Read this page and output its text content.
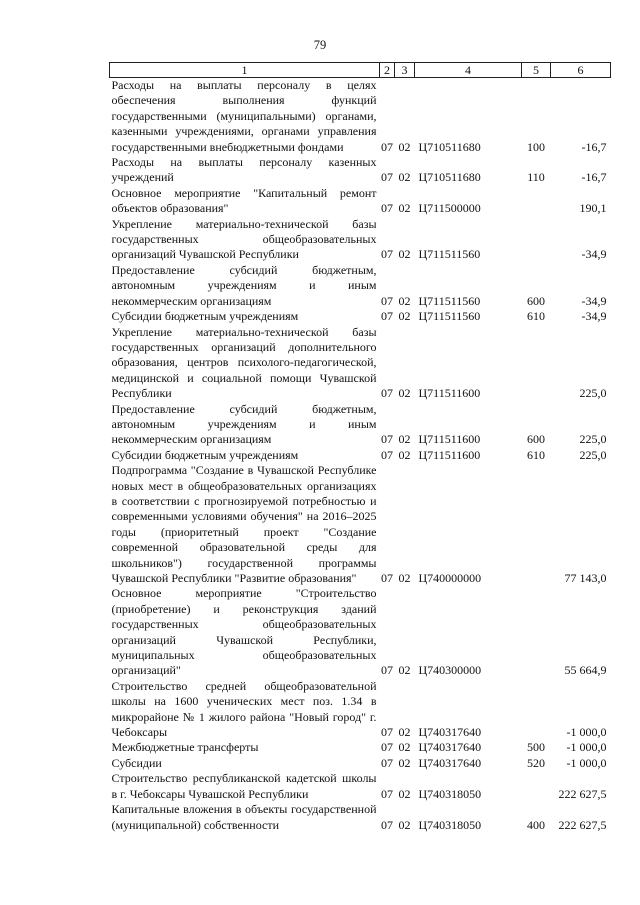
79
1	2	3	4	5	6
Расходы на выплаты персоналу в целях обеспечения выполнения функций государственными (муниципальными) органами, казенными учреждениями, органами управления государственными внебюджетными фондами	07	02	Ц710511680	100	-16,7
Расходы на выплаты персоналу казенных учреждений	07	02	Ц710511680	110	-16,7
Основное мероприятие "Капитальный ремонт объектов образования"	07	02	Ц711500000		190,1
Укрепление материально-технической базы государственных общеобразовательных организаций Чувашской Республики	07	02	Ц711511560		-34,9
Предоставление субсидий бюджетным, автономным учреждениям и иным некоммерческим организациям	07	02	Ц711511560	600	-34,9
Субсидии бюджетным учреждениям	07	02	Ц711511560	610	-34,9
Укрепление материально-технической базы государственных организаций дополнительного образования, центров психолого-педагогической, медицинской и социальной помощи Чувашской Республики	07	02	Ц711511600		225,0
Предоставление субсидий бюджетным, автономным учреждениям и иным некоммерческим организациям	07	02	Ц711511600	600	225,0
Субсидии бюджетным учреждениям	07	02	Ц711511600	610	225,0
Подпрограмма "Создание в Чувашской Республике новых мест в общеобразовательных организациях в соответствии с прогнозируемой потребностью и современными условиями обучения" на 2016–2025 годы (приоритетный проект "Создание современной образовательной среды для школьников") государственной программы Чувашской Республики "Развитие образования"	07	02	Ц740000000		77 143,0
Основное мероприятие "Строительство (приобретение) и реконструкция зданий государственных общеобразовательных организаций Чувашской Республики, муниципальных общеобразовательных организаций"	07	02	Ц740300000		55 664,9
Строительство средней общеобразовательной школы на 1600 ученических мест поз. 1.34 в микрорайоне № 1 жилого района "Новый город" г. Чебоксары	07	02	Ц740317640		-1 000,0
Межбюджетные трансферты	07	02	Ц740317640	500	-1 000,0
Субсидии	07	02	Ц740317640	520	-1 000,0
Строительство республиканской кадетской школы в г. Чебоксары Чувашской Республики	07	02	Ц740318050		222 627,5
Капитальные вложения в объекты государственной (муниципальной) собственности	07	02	Ц740318050	400	222 627,5
